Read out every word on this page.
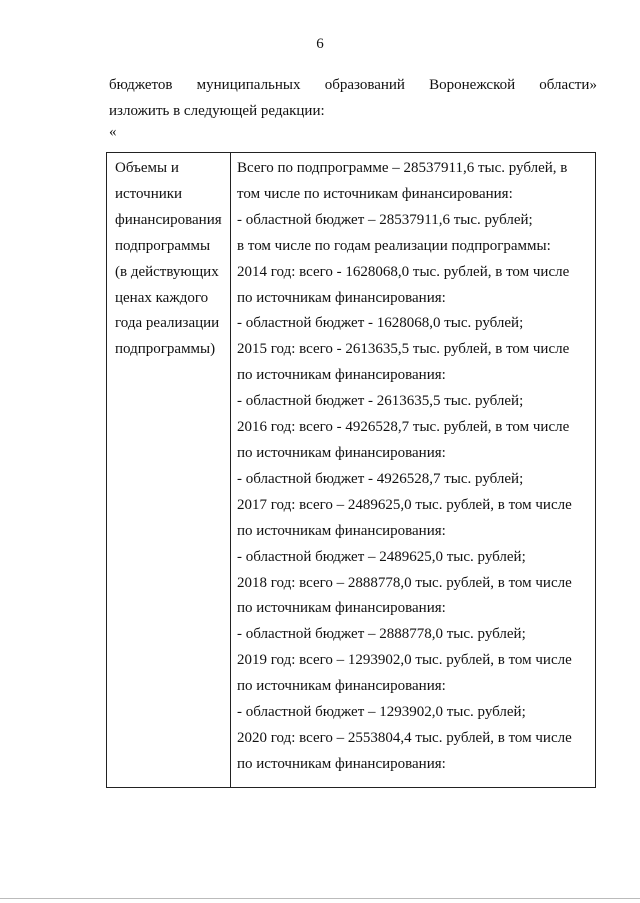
6
бюджетов муниципальных образований Воронежской области»
изложить в следующей редакции:
«
Объемы и
источники
финансирования
подпрограммы
(в действующих
ценах каждого
года реализации
подпрограммы)
Всего по подпрограмме – 28537911,6 тыс. рублей, в
том числе по источникам финансирования:
- областной бюджет – 28537911,6 тыс. рублей;
в том числе по годам реализации подпрограммы:
2014 год: всего - 1628068,0 тыс. рублей, в том числе
по источникам финансирования:
- областной бюджет - 1628068,0 тыс. рублей;
2015 год: всего - 2613635,5 тыс. рублей, в том числе
по источникам финансирования:
- областной бюджет - 2613635,5 тыс. рублей;
2016 год: всего - 4926528,7 тыс. рублей, в том числе
по источникам финансирования:
- областной бюджет - 4926528,7 тыс. рублей;
2017 год: всего – 2489625,0 тыс. рублей, в том числе
по источникам финансирования:
- областной бюджет – 2489625,0 тыс. рублей;
2018 год: всего – 2888778,0 тыс. рублей, в том числе
по источникам финансирования:
- областной бюджет – 2888778,0 тыс. рублей;
2019 год: всего – 1293902,0 тыс. рублей, в том числе
по источникам финансирования:
- областной бюджет – 1293902,0 тыс. рублей;
2020 год: всего – 2553804,4 тыс. рублей, в том числе
по источникам финансирования:
